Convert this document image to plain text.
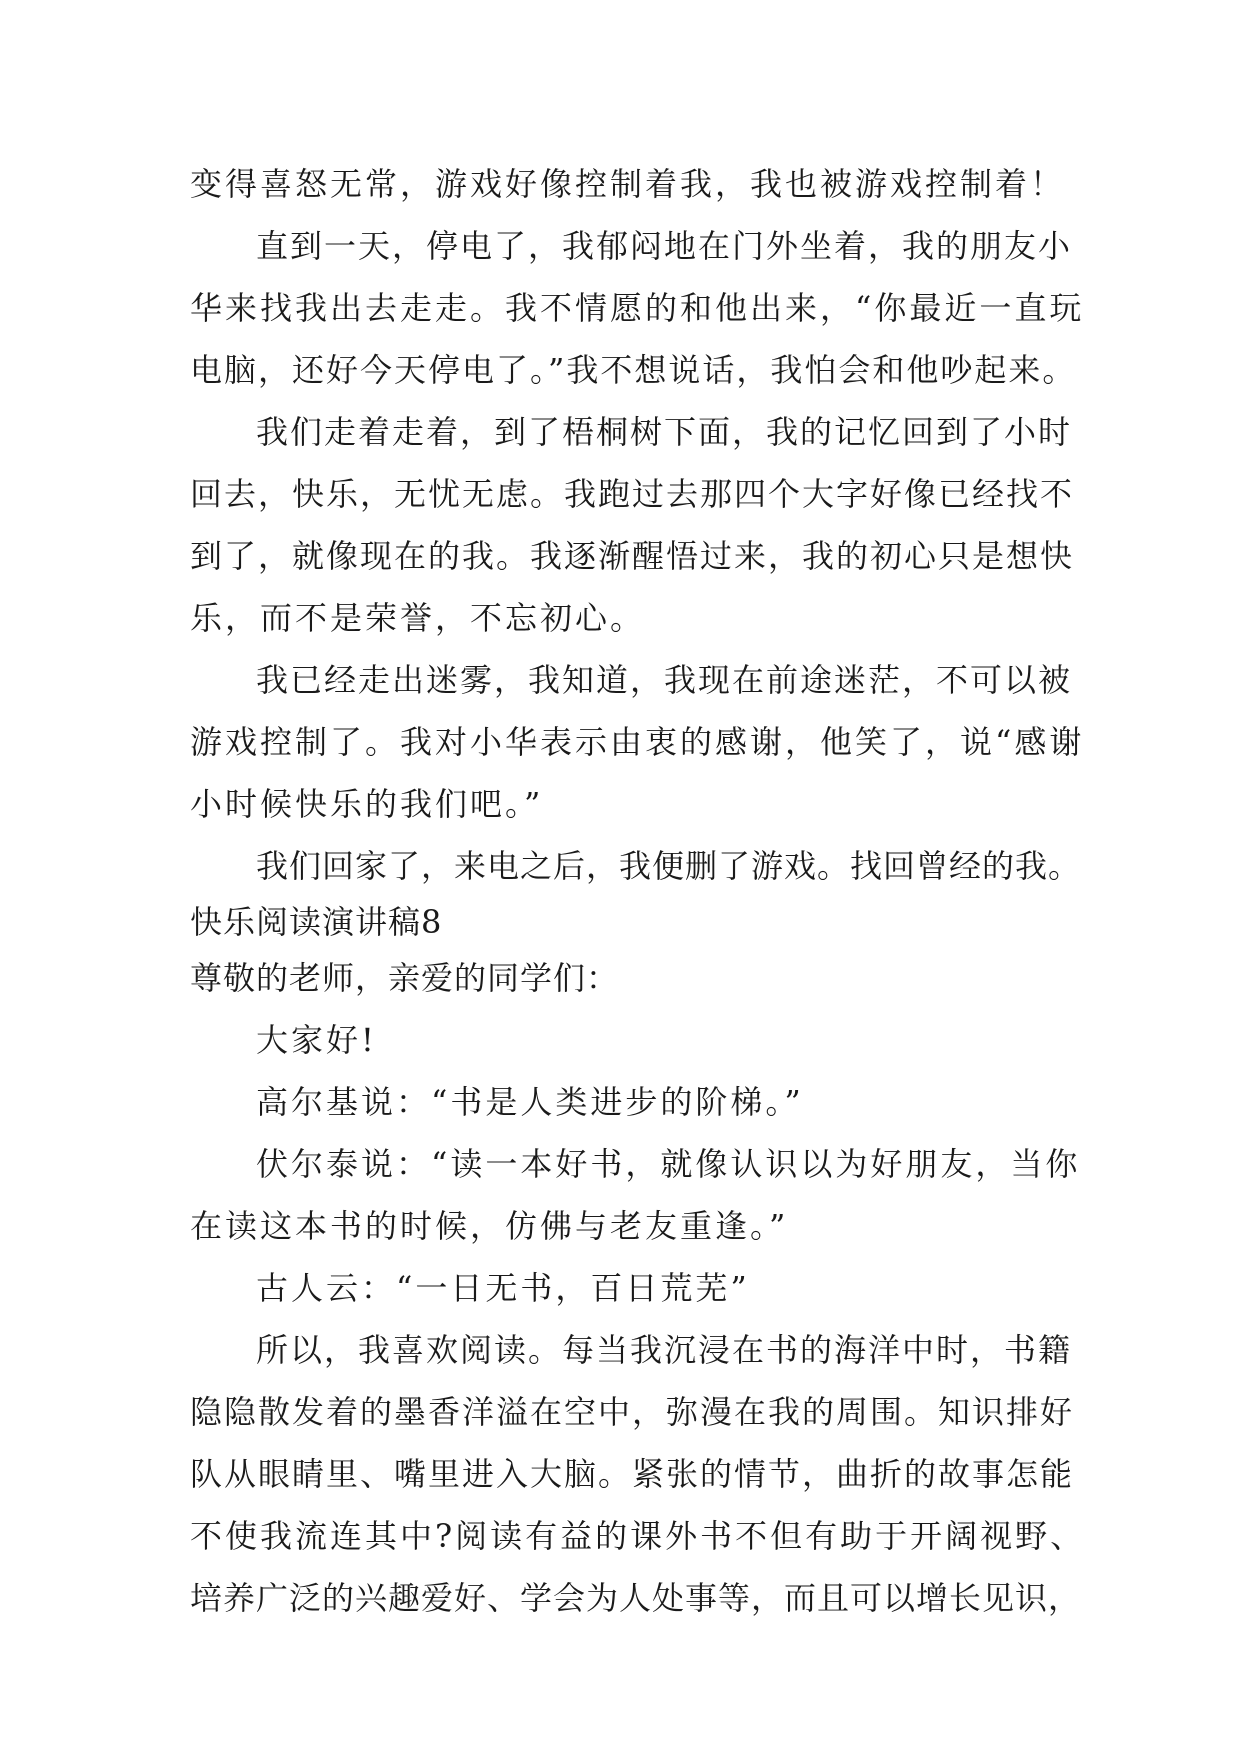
变得喜怒无常，游戏好像控制着我，我也被游戏控制着！
直到一天，停电了，我郁闷地在门外坐着，我的朋友小
华来找我出去走走。我不情愿的和他出来，“你最近一直玩
电脑，还好今天停电了。”我不想说话，我怕会和他吵起来。
我们走着走着，到了梧桐树下面，我的记忆回到了小时
回去，快乐，无忧无虑。我跑过去那四个大字好像已经找不
到了，就像现在的我。我逐渐醒悟过来，我的初心只是想快
乐，而不是荣誉，不忘初心。
我已经走出迷雾，我知道，我现在前途迷茫，不可以被
游戏控制了。我对小华表示由衷的感谢，他笑了，说“感谢
小时候快乐的我们吧。”
我们回家了，来电之后，我便删了游戏。找回曾经的我。
快乐阅读演讲稿8
尊敬的老师，亲爱的同学们：
大家好!
高尔基说：“书是人类进步的阶梯。”
伏尔泰说：“读一本好书，就像认识以为好朋友，当你
在读这本书的时候，仿佛与老友重逢。”
古人云：“一日无书，百日荒芜”
所以，我喜欢阅读。每当我沉浸在书的海洋中时，书籍
隐隐散发着的墨香洋溢在空中，弥漫在我的周围。知识排好
队从眼睛里、嘴里进入大脑。紧张的情节，曲折的故事怎能
不使我流连其中?阅读有益的课外书不但有助于开阔视野、
培养广泛的兴趣爱好、学会为人处事等，而且可以增长见识，
